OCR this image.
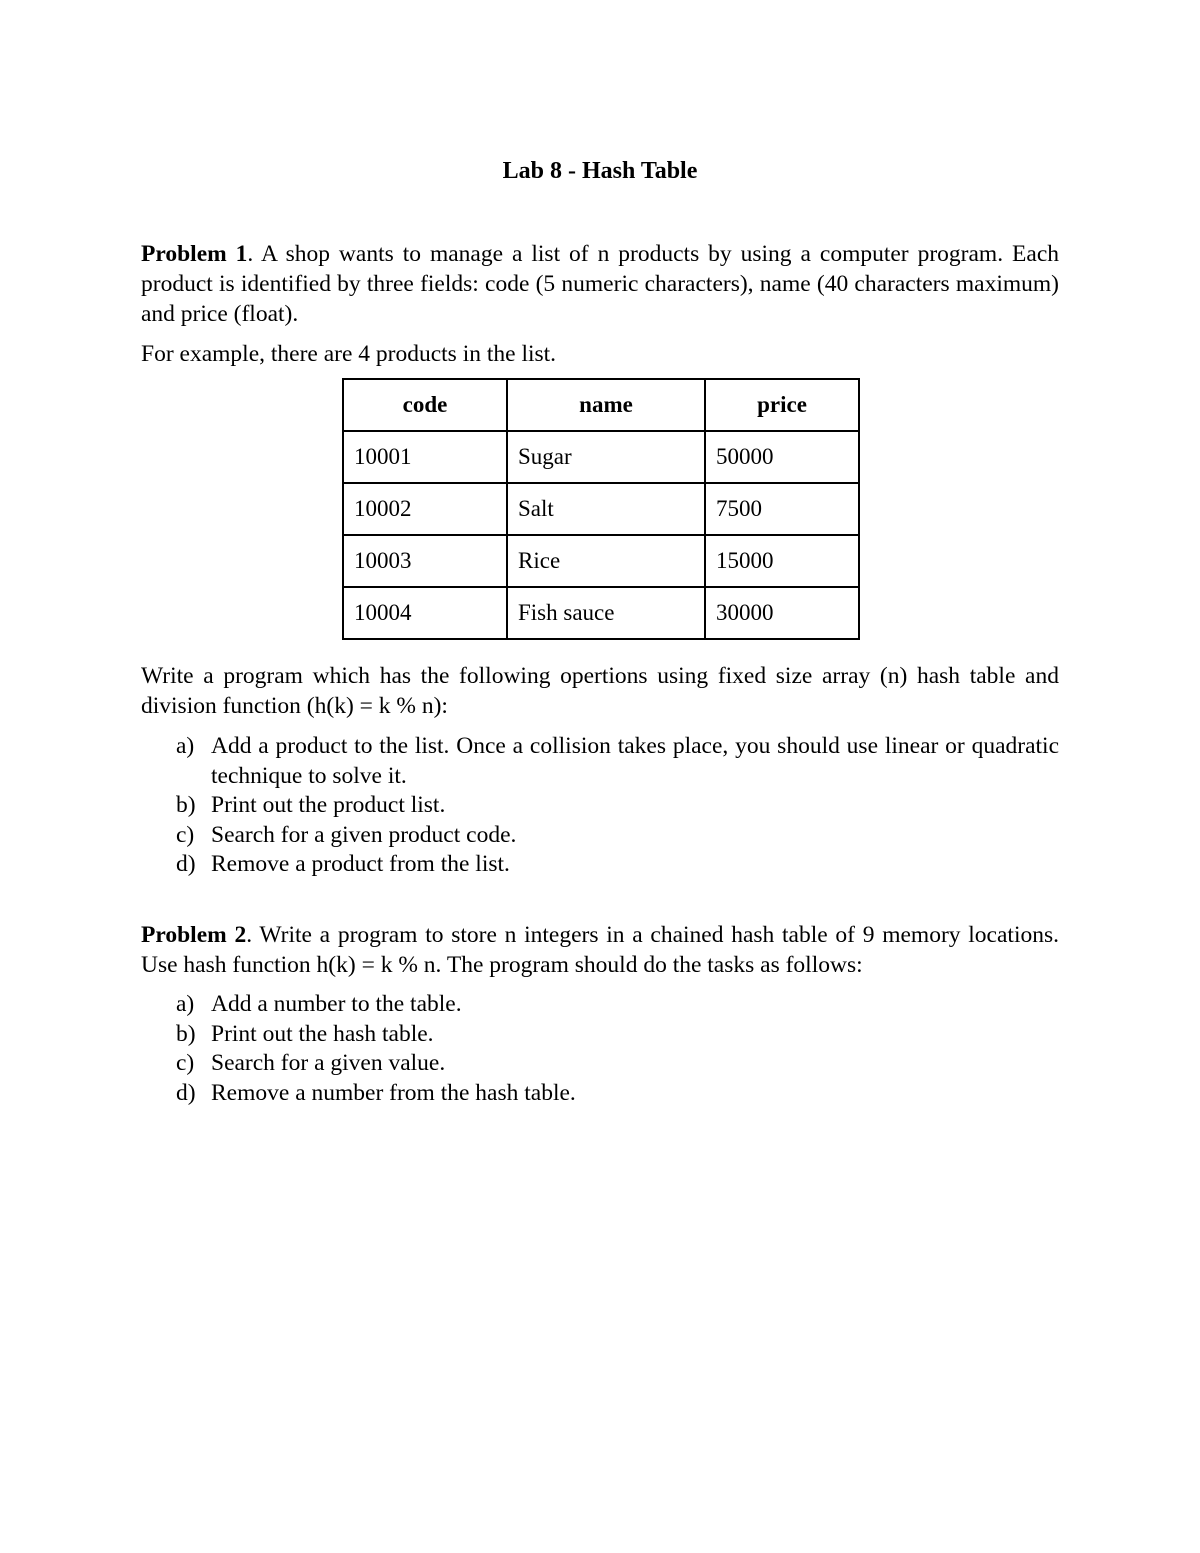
Lab 8 - Hash Table

Problem 1. A shop wants to manage a list of n products by using a computer program. Each product is identified by three fields: code (5 numeric characters), name (40 characters maximum) and price (float).

For example, there are 4 products in the list.

code	name	price
10001	Sugar	50000
10002	Salt	7500
10003	Rice	15000
10004	Fish sauce	30000

Write a program which has the following opertions using fixed size array (n) hash table and division function (h(k) = k % n):

a) Add a product to the list. Once a collision takes place, you should use linear or quadratic technique to solve it.
b) Print out the product list.
c) Search for a given product code.
d) Remove a product from the list.

Problem 2. Write a program to store n integers in a chained hash table of 9 memory locations. Use hash function h(k) = k % n. The program should do the tasks as follows:

a) Add a number to the table.
b) Print out the hash table.
c) Search for a given value.
d) Remove a number from the hash table.
